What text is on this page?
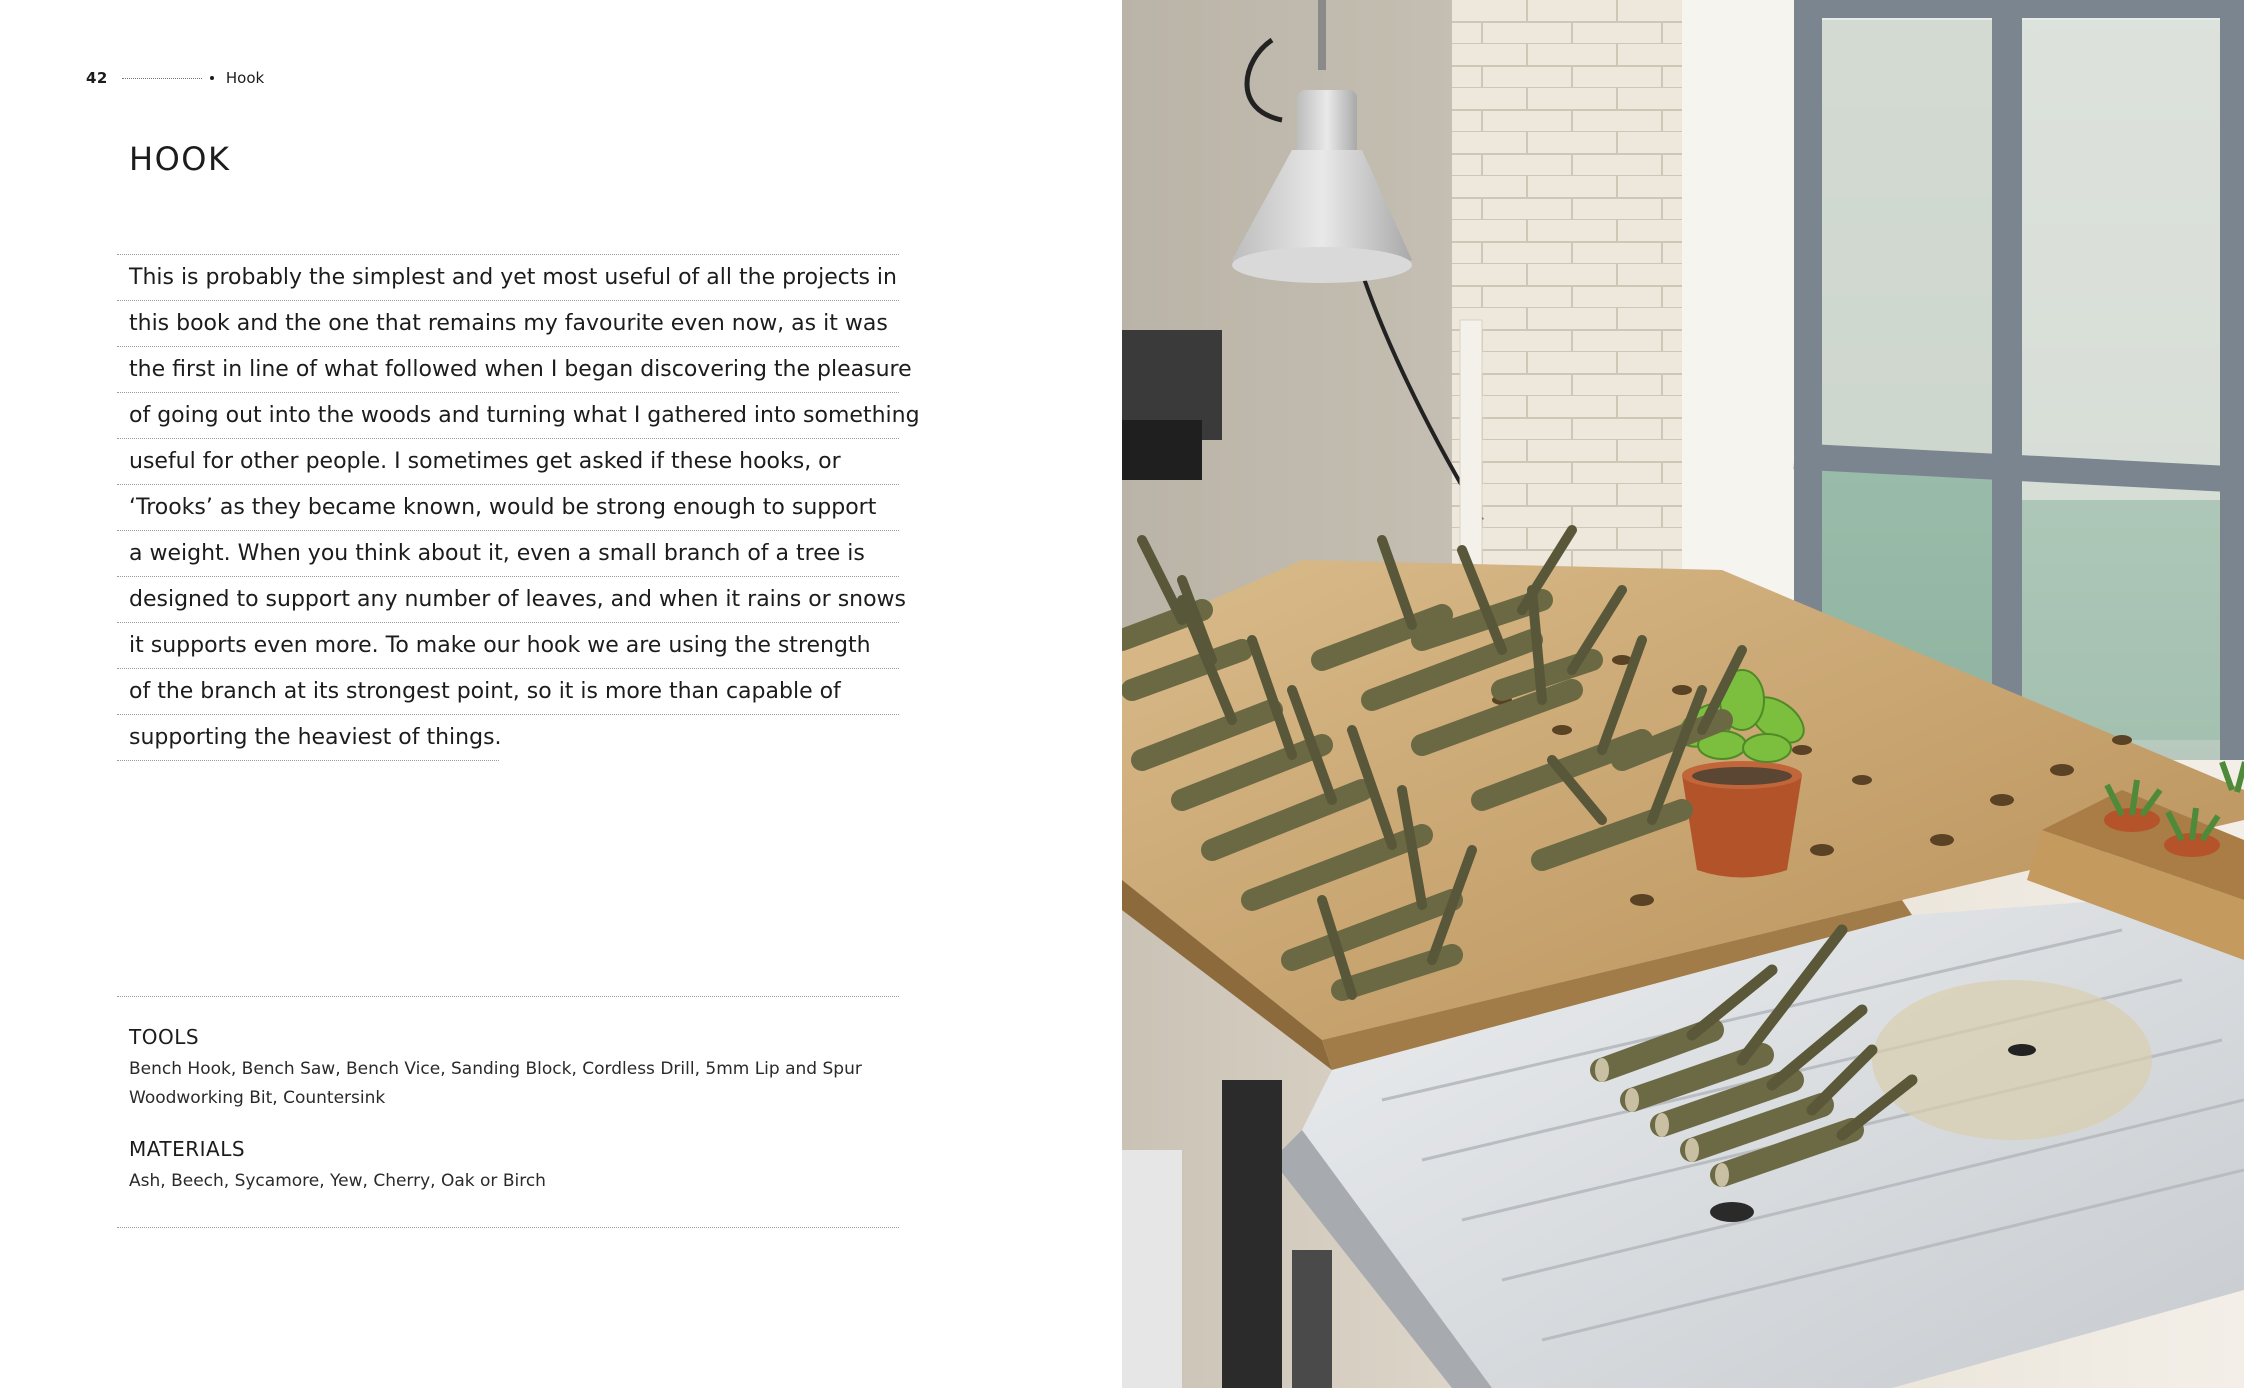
42	Hook
HOOK
This is probably the simplest and yet most useful of all the projects in
this book and the one that remains my favourite even now, as it was
the first in line of what followed when I began discovering the pleasure
of going out into the woods and turning what I gathered into something
useful for other people. I sometimes get asked if these hooks, or
‘Trooks’ as they became known, would be strong enough to support
a weight. When you think about it, even a small branch of a tree is
designed to support any number of leaves, and when it rains or snows
it supports even more. To make our hook we are using the strength
of the branch at its strongest point, so it is more than capable of
supporting the heaviest of things.
TOOLS

Bench Hook, Bench Saw, Bench Vice, Sanding Block, Cordless Drill, 5mm Lip and Spur Woodworking Bit, Countersink

MATERIALS

Ash, Beech, Sycamore, Yew, Cherry, Oak or Birch
